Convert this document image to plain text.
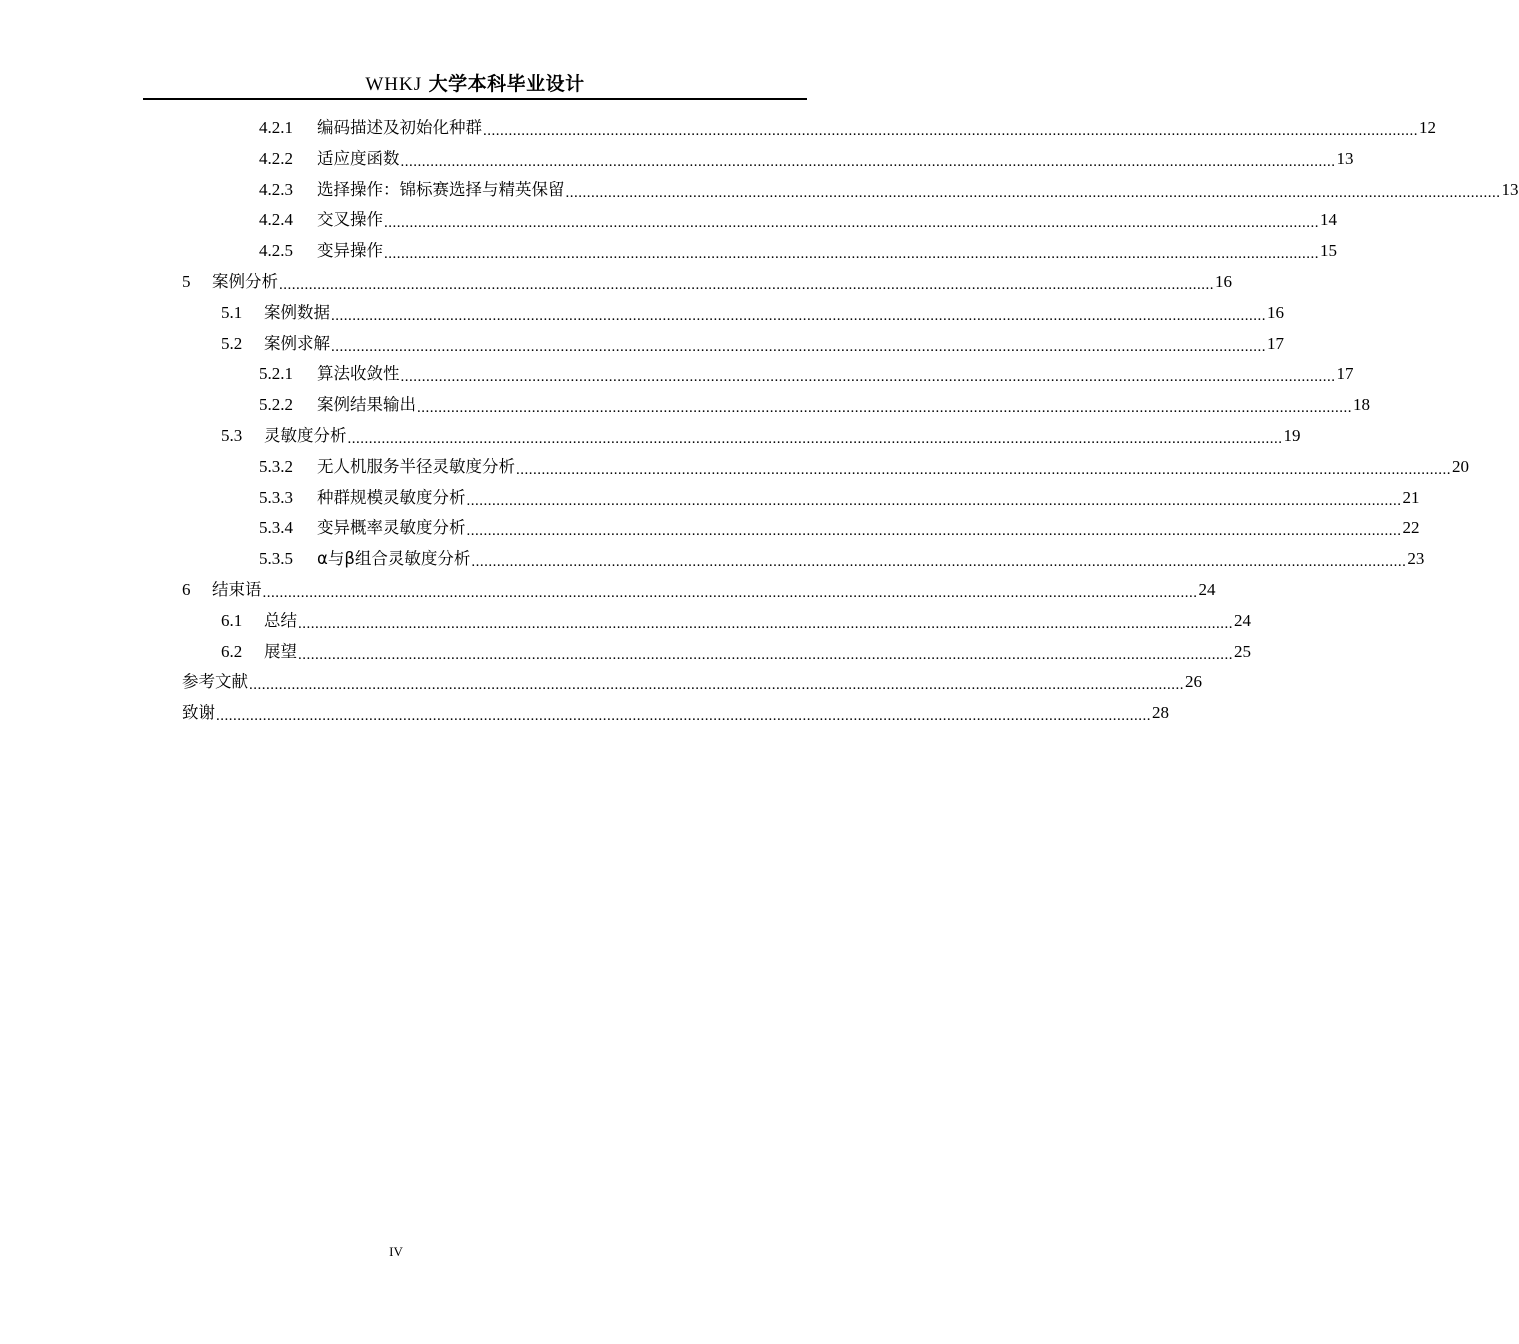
WHKJ 大学本科毕业设计
4.2.1	编码描述及初始化种群 ............................................................................................................................................................................................................................ 12
4.2.2	适应度函数 ............................................................................................................................................................................................................................ 13
4.2.3	选择操作：锦标赛选择与精英保留 ............................................................................................................................................................................................................................ 13
4.2.4	交叉操作 ............................................................................................................................................................................................................................ 14
4.2.5	变异操作 ............................................................................................................................................................................................................................ 15
5	案例分析 ............................................................................................................................................................................................................................ 16
5.1	案例数据 ............................................................................................................................................................................................................................ 16
5.2	案例求解 ............................................................................................................................................................................................................................ 17
5.2.1	算法收敛性 ............................................................................................................................................................................................................................ 17
5.2.2	案例结果输出 ............................................................................................................................................................................................................................ 18
5.3	灵敏度分析 ............................................................................................................................................................................................................................ 19
5.3.2	无人机服务半径灵敏度分析 ............................................................................................................................................................................................................................ 20
5.3.3	种群规模灵敏度分析 ............................................................................................................................................................................................................................ 21
5.3.4	变异概率灵敏度分析 ............................................................................................................................................................................................................................ 22
5.3.5	α与β组合灵敏度分析 ............................................................................................................................................................................................................................ 23
6	结束语 ............................................................................................................................................................................................................................ 24
6.1	总结 ............................................................................................................................................................................................................................ 24
6.2	展望 ............................................................................................................................................................................................................................ 25
参考文献 ............................................................................................................................................................................................................................ 26
致谢 ............................................................................................................................................................................................................................ 28
IV
